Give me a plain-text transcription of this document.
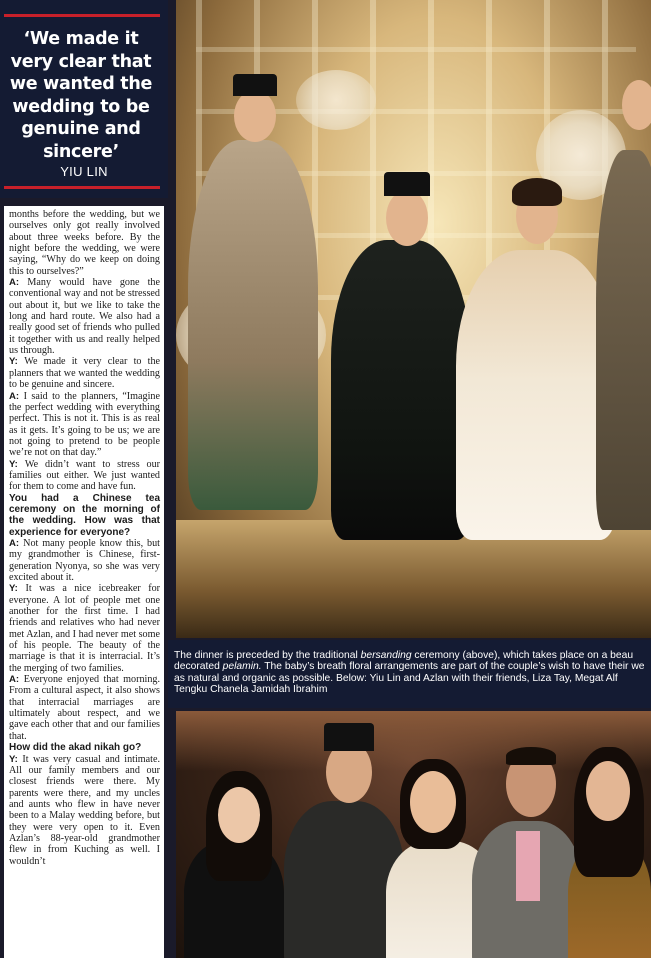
‘We made it very clear that we wanted the wedding to be genuine and sincere’
YIU LIN

months before the wedding, but we ourselves only got really involved about three weeks before. By the night before the wedding, we were saying, “Why do we keep on doing this to ourselves?”

A: Many would have gone the conventional way and not be stressed out about it, but we like to take the long and hard route. We also had a really good set of friends who pulled it together with us and really helped us through.

Y: We made it very clear to the planners that we wanted the wedding to be genuine and sincere.

A: I said to the planners, “Imagine the perfect wedding with everything perfect. This is not it. This is as real as it gets. It’s going to be us; we are not going to pretend to be people we’re not on that day.”

Y: We didn’t want to stress our families out either. We just wanted for them to come and have fun.

You had a Chinese tea ceremony on the morning of the wedding. How was that experience for everyone?

A: Not many people know this, but my grandmother is Chinese, first-generation Nyonya, so she was very excited about it.

Y: It was a nice icebreaker for everyone. A lot of people met one another for the first time. I had friends and relatives who had never met Azlan, and I had never met some of his people. The beauty of the marriage is that it is interracial. It’s the merging of two families.

A: Everyone enjoyed that morning. From a cultural aspect, it also shows that interracial marriages are ultimately about respect, and we gave each other that and our families that.

How did the akad nikah go?

Y: It was very casual and intimate. All our family members and our closest friends were there. My parents were there, and my uncles and aunts who flew in have never been to a Malay wedding before, but they were very open to it. Even Azlan’s 88-year-old grandmother flew in from Kuching as well. I wouldn’t

The dinner is preceded by the traditional bersanding ceremony (above), which takes place on a beau

decorated pelamin. The baby’s breath floral arrangements are part of the couple’s wish to have their we

as natural and organic as possible. Below: Yiu Lin and Azlan with their friends, Liza Tay, Megat Alf

Tengku Chanela Jamidah Ibrahim
